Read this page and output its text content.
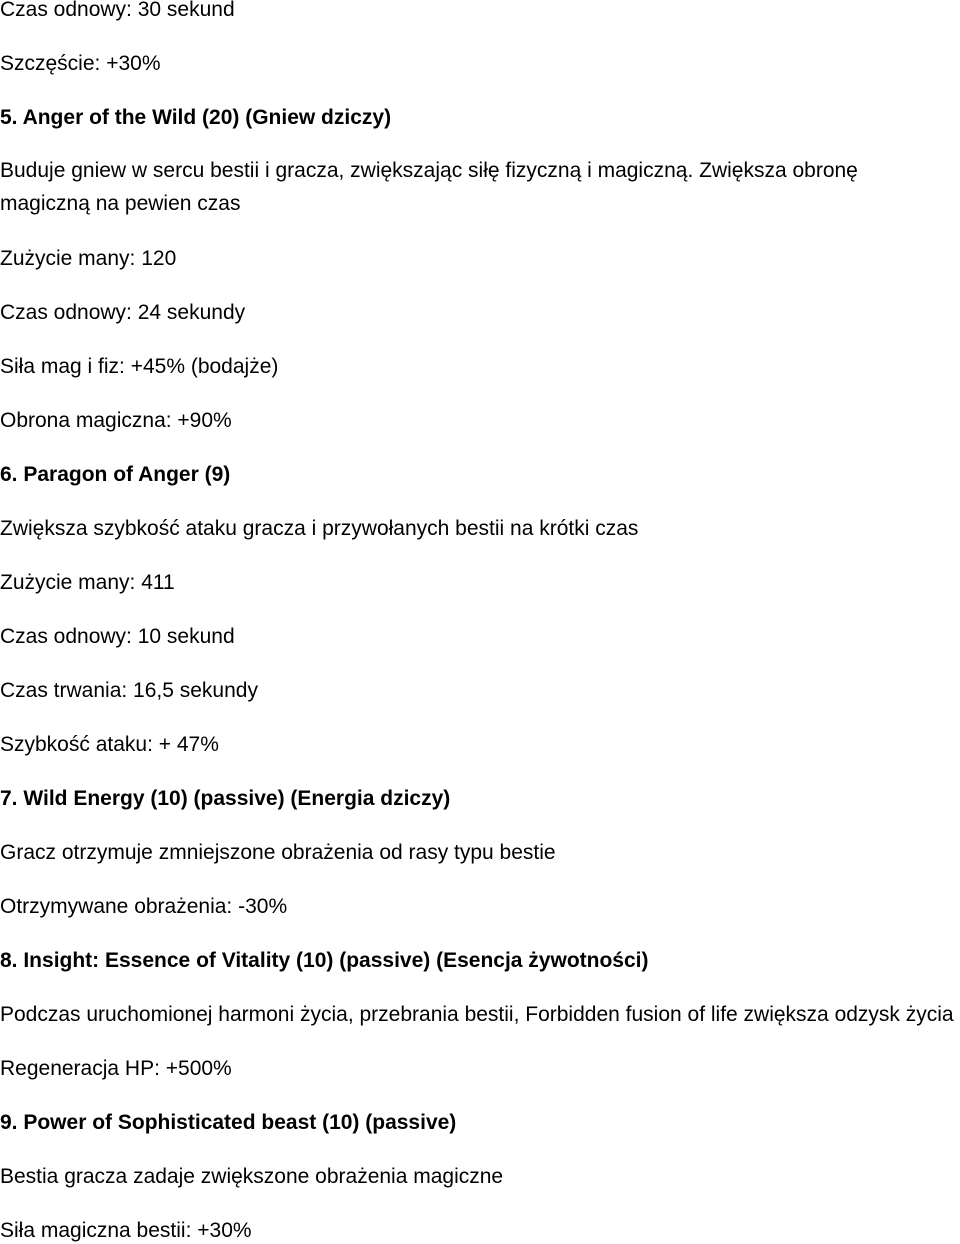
Czas odnowy: 30 sekund

Szczęście: +30%

5. Anger of the Wild (20) (Gniew dziczy)

Buduje gniew w sercu bestii i gracza, zwiększając siłę fizyczną i magiczną. Zwiększa obronę magiczną na pewien czas

Zużycie many: 120

Czas odnowy: 24 sekundy

Siła mag i fiz: +45% (bodajże)

Obrona magiczna: +90%

6. Paragon of Anger (9)

Zwiększa szybkość ataku gracza i przywołanych bestii na krótki czas

Zużycie many: 411

Czas odnowy: 10 sekund

Czas trwania: 16,5 sekundy

Szybkość ataku: + 47%

7. Wild Energy (10) (passive) (Energia dziczy)

Gracz otrzymuje zmniejszone obrażenia od rasy typu bestie

Otrzymywane obrażenia: -30%

8. Insight: Essence of Vitality (10) (passive) (Esencja żywotności)

Podczas uruchomionej harmoni życia, przebrania bestii, Forbidden fusion of life zwiększa odzysk życia

Regeneracja HP: +500%

9. Power of Sophisticated beast (10) (passive)

Bestia gracza zadaje zwiększone obrażenia magiczne

Siła magiczna bestii: +30%
